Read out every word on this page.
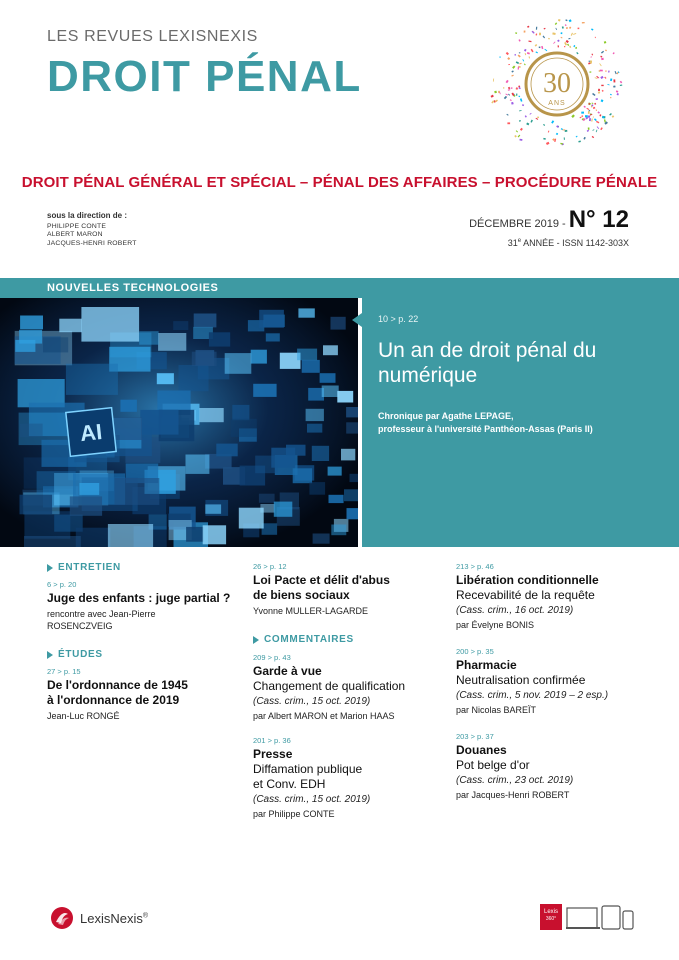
LES REVUES LEXISNEXIS
DROIT PÉNAL	30
ANS
DROIT PÉNAL GÉNÉRAL ET SPÉCIAL – PÉNAL DES AFFAIRES – PROCÉDURE PÉNALE
sous la direction de :
PHILIPPE CONTE
ALBERT MARON
JACQUES-HENRI ROBERT
DÉCEMBRE 2019 - N° 12
31e ANNÉE - ISSN 1142-303X
NOUVELLES TECHNOLOGIES
AI
10 > p. 22
Un an de droit pénal du numérique
Chronique par Agathe LEPAGE,
professeur à l'université Panthéon-Assas (Paris II)
ENTRETIEN
6 > p. 20
Juge des enfants : juge partial ?
rencontre avec Jean-Pierre
ROSENCZVEIG
ÉTUDES
27 > p. 15
De l'ordonnance de 1945
à l'ordonnance de 2019
Jean-Luc RONGÉ
26 > p. 12
Loi Pacte et délit d'abus
de biens sociaux
Yvonne MULLER-LAGARDE
COMMENTAIRES
209 > p. 43
Garde à vue
Changement de qualification
(Cass. crim., 15 oct. 2019)
par Albert MARON et Marion HAAS
201 > p. 36
Presse
Diffamation publique
et Conv. EDH
(Cass. crim., 15 oct. 2019)
par Philippe CONTE
213 > p. 46
Libération conditionnelle
Recevabilité de la requête
(Cass. crim., 16 oct. 2019)
par Évelyne BONIS
200 > p. 35
Pharmacie
Neutralisation confirmée
(Cass. crim., 5 nov. 2019 – 2 esp.)
par Nicolas BAREÏT
203 > p. 37
Douanes
Pot belge d'or
(Cass. crim., 23 oct. 2019)
par Jacques-Henri ROBERT
LexisNexis®
Lexis
360°
